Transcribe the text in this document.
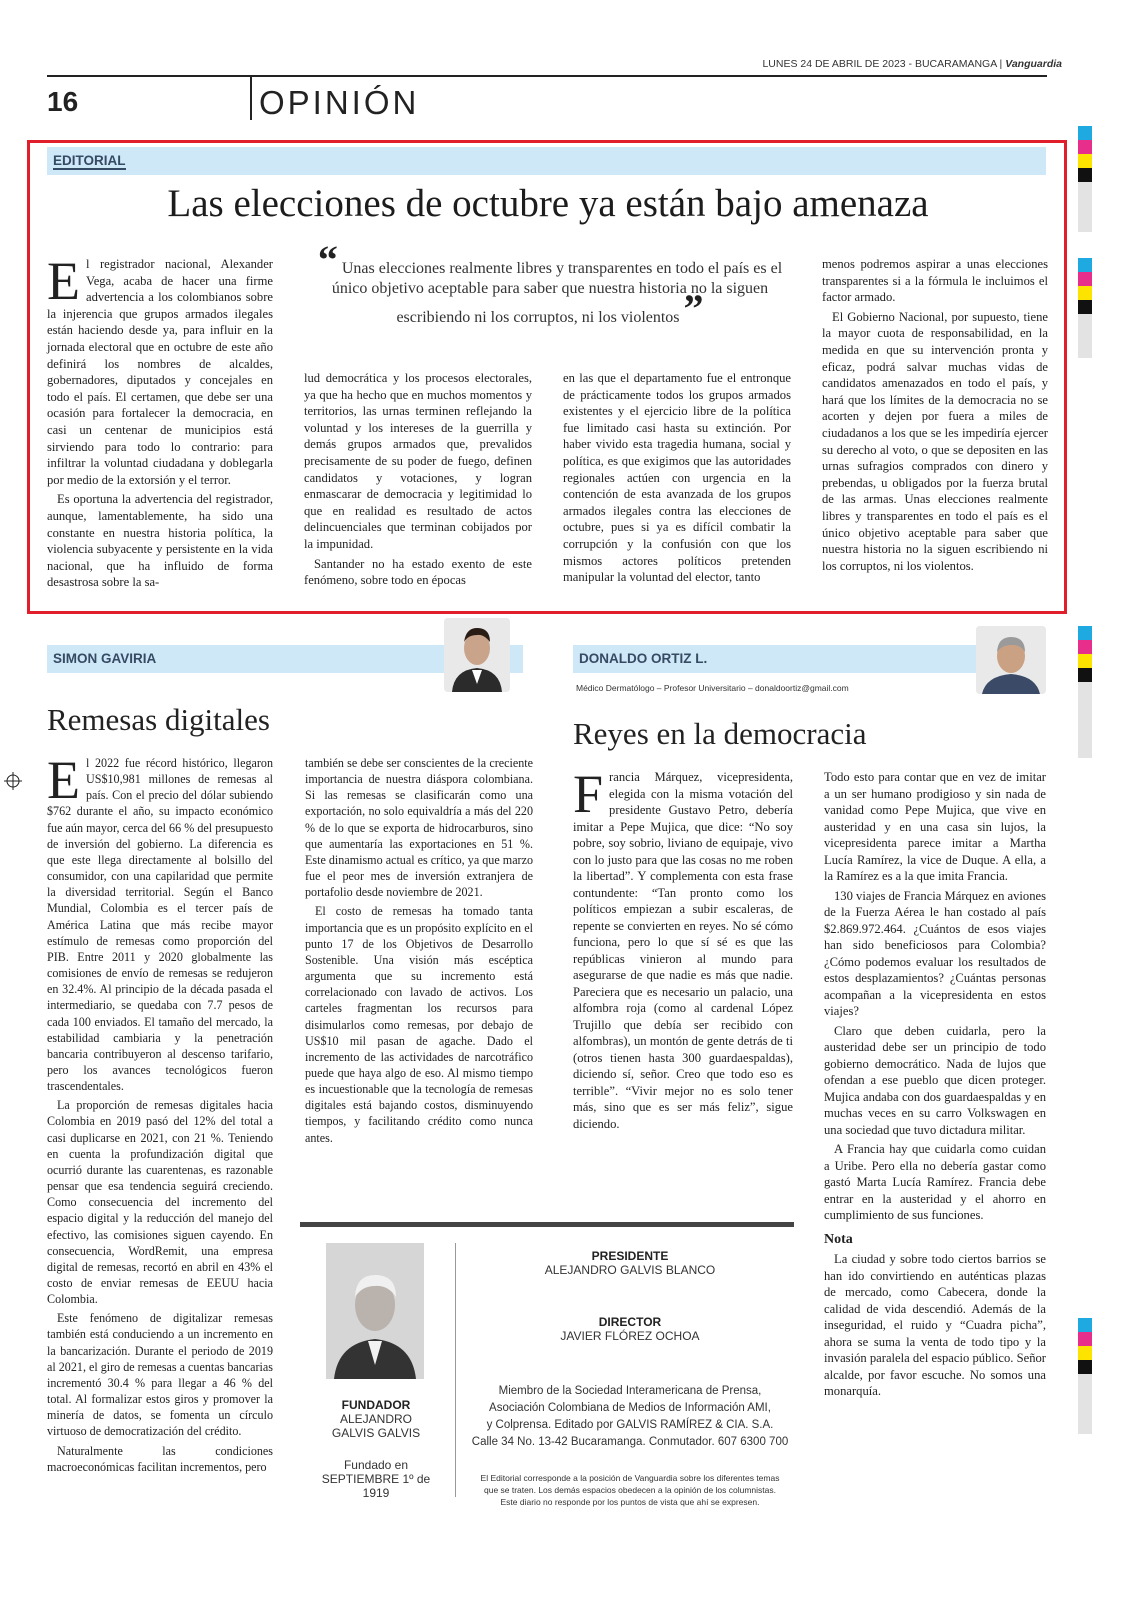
LUNES 24 DE ABRIL DE 2023 - BUCARAMANGA | Vanguardia
16	OPINIÓN
EDITORIAL
Las elecciones de octubre ya están bajo amenaza

El registrador nacional, Alexander Vega, acaba de hacer una firme advertencia a los colombianos sobre la injerencia que grupos armados ilegales están haciendo desde ya, para influir en la jornada electoral que en octubre de este año definirá los nombres de alcaldes, gobernadores, diputados y concejales en todo el país. El certamen, que debe ser una ocasión para fortalecer la democracia, en casi un centenar de municipios está sirviendo para todo lo contrario: para infiltrar la voluntad ciudadana y doblegarla por medio de la extorsión y el terror.

Es oportuna la advertencia del registrador, aunque, lamentablemente, ha sido una constante en nuestra historia política, la violencia subyacente y persistente en la vida nacional, que ha influido de forma desastrosa sobre la sa-

“ Unas elecciones realmente libres y transparentes en todo el país es el único objetivo aceptable para saber que nuestra historia no la siguen escribiendo ni los corruptos, ni los violentos ”

lud democrática y los procesos electorales, ya que ha hecho que en muchos momentos y territorios, las urnas terminen reflejando la voluntad y los intereses de la guerrilla y demás grupos armados que, prevalidos precisamente de su poder de fuego, definen candidatos y votaciones, y logran enmascarar de democracia y legitimidad lo que en realidad es resultado de actos delincuenciales que terminan cobijados por la impunidad.

Santander no ha estado exento de este fenómeno, sobre todo en épocas

en las que el departamento fue el entronque de prácticamente todos los grupos armados existentes y el ejercicio libre de la política fue limitado casi hasta su extinción. Por haber vivido esta tragedia humana, social y política, es que exigimos que las autoridades regionales actúen con urgencia en la contención de esta avanzada de los grupos armados ilegales contra las elecciones de octubre, pues si ya es difícil combatir la corrupción y la confusión con que los mismos actores políticos pretenden manipular la voluntad del elector, tanto

menos podremos aspirar a unas elecciones transparentes si a la fórmula le incluimos el factor armado.

El Gobierno Nacional, por supuesto, tiene la mayor cuota de responsabilidad, en la medida en que su intervención pronta y eficaz, podrá salvar muchas vidas de candidatos amenazados en todo el país, y hará que los límites de la democracia no se acorten y dejen por fuera a miles de ciudadanos a los que se les impediría ejercer su derecho al voto, o que se depositen en las urnas sufragios comprados con dinero y prebendas, u obligados por la fuerza brutal de las armas. Unas elecciones realmente libres y transparentes en todo el país es el único objetivo aceptable para saber que nuestra historia no la siguen escribiendo ni los corruptos, ni los violentos.

SIMON GAVIRIA
Remesas digitales

El 2022 fue récord histórico, llegaron US$10,981 millones de remesas al país. Con el precio del dólar subiendo $762 durante el año, su impacto económico fue aún mayor, cerca del 66 % del presupuesto de inversión del gobierno. La diferencia es que este llega directamente al bolsillo del consumidor, con una capilaridad que permite la diversidad territorial. Según el Banco Mundial, Colombia es el tercer país de América Latina que más recibe mayor estímulo de remesas como proporción del PIB. Entre 2011 y 2020 globalmente las comisiones de envío de remesas se redujeron en 32.4%. Al principio de la década pasada el intermediario, se quedaba con 7.7 pesos de cada 100 enviados. El tamaño del mercado, la estabilidad cambiaria y la penetración bancaria contribuyeron al descenso tarifario, pero los avances tecnológicos fueron trascendentales.

La proporción de remesas digitales hacia Colombia en 2019 pasó del 12% del total a casi duplicarse en 2021, con 21 %. Teniendo en cuenta la profundización digital que ocurrió durante las cuarentenas, es razonable pensar que esa tendencia seguirá creciendo. Como consecuencia del incremento del espacio digital y la reducción del manejo del efectivo, las comisiones siguen cayendo. En consecuencia, WordRemit, una empresa digital de remesas, recortó en abril en 43% el costo de enviar remesas de EEUU hacia Colombia.

Este fenómeno de digitalizar remesas también está conduciendo a un incremento en la bancarización. Durante el periodo de 2019 al 2021, el giro de remesas a cuentas bancarias incrementó 30.4 % para llegar a 46 % del total. Al formalizar estos giros y promover la minería de datos, se fomenta un círculo virtuoso de democratización del crédito.

Naturalmente las condiciones macroeconómicas facilitan incrementos, pero

también se debe ser conscientes de la creciente importancia de nuestra diáspora colombiana. Si las remesas se clasificarán como una exportación, no solo equivaldría a más del 220 % de lo que se exporta de hidrocarburos, sino que aumentaría las exportaciones en 51 %. Este dinamismo actual es crítico, ya que marzo fue el peor mes de inversión extranjera de portafolio desde noviembre de 2021.

El costo de remesas ha tomado tanta importancia que es un propósito explícito en el punto 17 de los Objetivos de Desarrollo Sostenible. Una visión más escéptica argumenta que su incremento está correlacionado con lavado de activos. Los carteles fragmentan los recursos para disimularlos como remesas, por debajo de US$10 mil pasan de agache. Dado el incremento de las actividades de narcotráfico puede que haya algo de eso. Al mismo tiempo es incuestionable que la tecnología de remesas digitales está bajando costos, disminuyendo tiempos, y facilitando crédito como nunca antes.

DONALDO ORTIZ L.
Médico Dermatólogo – Profesor Universitario – donaldoortiz@gmail.com
Reyes en la democracia

Francia Márquez, vicepresidenta, elegida con la misma votación del presidente Gustavo Petro, debería imitar a Pepe Mujica, que dice: “No soy pobre, soy sobrio, liviano de equipaje, vivo con lo justo para que las cosas no me roben la libertad”. Y complementa con esta frase contundente: “Tan pronto como los políticos empiezan a subir escaleras, de repente se convierten en reyes. No sé cómo funciona, pero lo que sí sé es que las repúblicas vinieron al mundo para asegurarse de que nadie es más que nadie. Pareciera que es necesario un palacio, una alfombra roja (como al cardenal López Trujillo que debía ser recibido con alfombras), un montón de gente detrás de ti (otros tienen hasta 300 guardaespaldas), diciendo sí, señor. Creo que todo eso es terrible”. “Vivir mejor no es solo tener más, sino que es ser más feliz”, sigue diciendo.

Todo esto para contar que en vez de imitar a un ser humano prodigioso y sin nada de vanidad como Pepe Mujica, que vive en austeridad y en una casa sin lujos, la vicepresidenta parece imitar a Martha Lucía Ramírez, la vice de Duque. A ella, a la Ramírez es a la que imita Francia.

130 viajes de Francia Márquez en aviones de la Fuerza Aérea le han costado al país $2.869.972.464. ¿Cuántos de esos viajes han sido beneficiosos para Colombia? ¿Cómo podemos evaluar los resultados de estos desplazamientos? ¿Cuántas personas acompañan a la vicepresidenta en estos viajes?

Claro que deben cuidarla, pero la austeridad debe ser un principio de todo gobierno democrático. Nada de lujos que ofendan a ese pueblo que dicen proteger. Mujica andaba con dos guardaespaldas y en muchas veces en su carro Volkswagen en una sociedad que tuvo dictadura militar.

A Francia hay que cuidarla como cuidan a Uribe. Pero ella no debería gastar como gastó Marta Lucía Ramírez. Francia debe entrar en la austeridad y el ahorro en cumplimiento de sus funciones.

Nota

La ciudad y sobre todo ciertos barrios se han ido convirtiendo en auténticas plazas de mercado, como Cabecera, donde la calidad de vida descendió. Además de la inseguridad, el ruido y “Cuadra picha”, ahora se suma la venta de todo tipo y la invasión paralela del espacio público. Señor alcalde, por favor escuche. No somos una monarquía.

FUNDADOR
ALEJANDRO
GALVIS GALVIS
Fundado en
SEPTIEMBRE 1º de 1919
PRESIDENTE
ALEJANDRO GALVIS BLANCO
DIRECTOR
JAVIER FLÓREZ OCHOA
Miembro de la Sociedad Interamericana de Prensa,
Asociación Colombiana de Medios de Información AMI,
y Colprensa. Editado por GALVIS RAMÍREZ & CIA. S.A.
Calle 34 No. 13-42 Bucaramanga. Conmutador. 607 6300 700
El Editorial corresponde a la posición de Vanguardia sobre los diferentes temas
que se traten. Los demás espacios obedecen a la opinión de los columnistas.
Este diario no responde por los puntos de vista que ahí se expresen.
